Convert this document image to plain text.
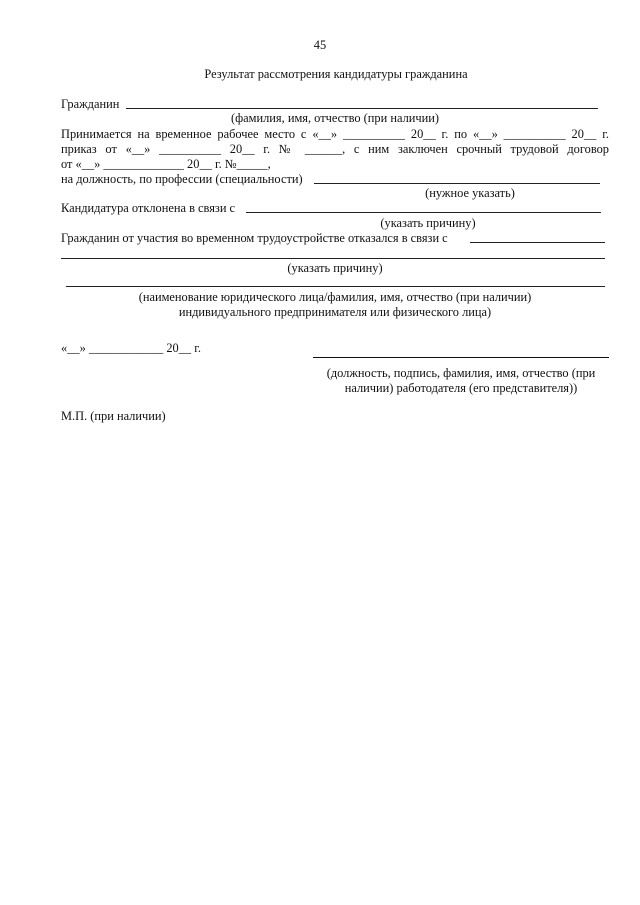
45
Результат рассмотрения кандидатуры гражданина
Гражданин
(фамилия, имя, отчество (при наличии)
Принимается на временное рабочее место с «__» __________ 20__ г. по «__» __________ 20__ г.
приказ от «__» __________ 20__ г. № ______, с ним заключен срочный трудовой договор
от «__» _____________ 20__ г. №_____,
на должность, по профессии (специальности)
(нужное указать)
Кандидатура отклонена в связи с
(указать причину)
Гражданин от участия во временном трудоустройстве отказался в связи с
(указать причину)
(наименование юридического лица/фамилия, имя, отчество (при наличии)
индивидуального предпринимателя или физического лица)
«__» ____________ 20__ г.
(должность, подпись, фамилия, имя, отчество (при
наличии) работодателя (его представителя))
М.П. (при наличии)
